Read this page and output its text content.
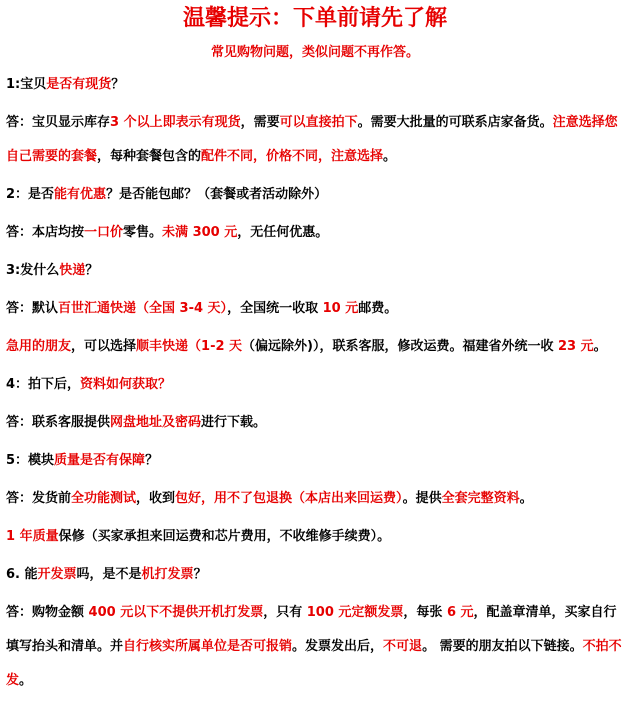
温馨提示：下单前请先了解
常见购物问题，类似问题不再作答。

1:宝贝是否有现货？

答：宝贝显示库存3 个以上即表示有现货，需要可以直接拍下。需要大批量的可联系店家备货。注意选择您自己需要的套餐，每种套餐包含的配件不同，价格不同，注意选择。

2：是否能有优惠？是否能包邮？（套餐或者活动除外）

答：本店均按一口价零售。未满 300 元，无任何优惠。

3:发什么快递？

答：默认百世汇通快递（全国 3-4 天），全国统一收取 10 元邮费。

急用的朋友，可以选择顺丰快递（1-2 天（偏远除外)），联系客服，修改运费。福建省外统一收 23 元。

4：拍下后，资料如何获取？

答：联系客服提供网盘地址及密码进行下载。

5：模块质量是否有保障？

答：发货前全功能测试，收到包好，用不了包退换（本店出来回运费）。提供全套完整资料。

1 年质量保修（买家承担来回运费和芯片费用，不收维修手续费）。

6. 能开发票吗，是不是机打发票？

答：购物金额 400 元以下不提供开机打发票，只有 100 元定额发票，每张 6 元，配盖章清单，买家自行填写抬头和清单。并自行核实所属单位是否可报销。发票发出后，不可退。 需要的朋友拍以下链接。不拍不发。
